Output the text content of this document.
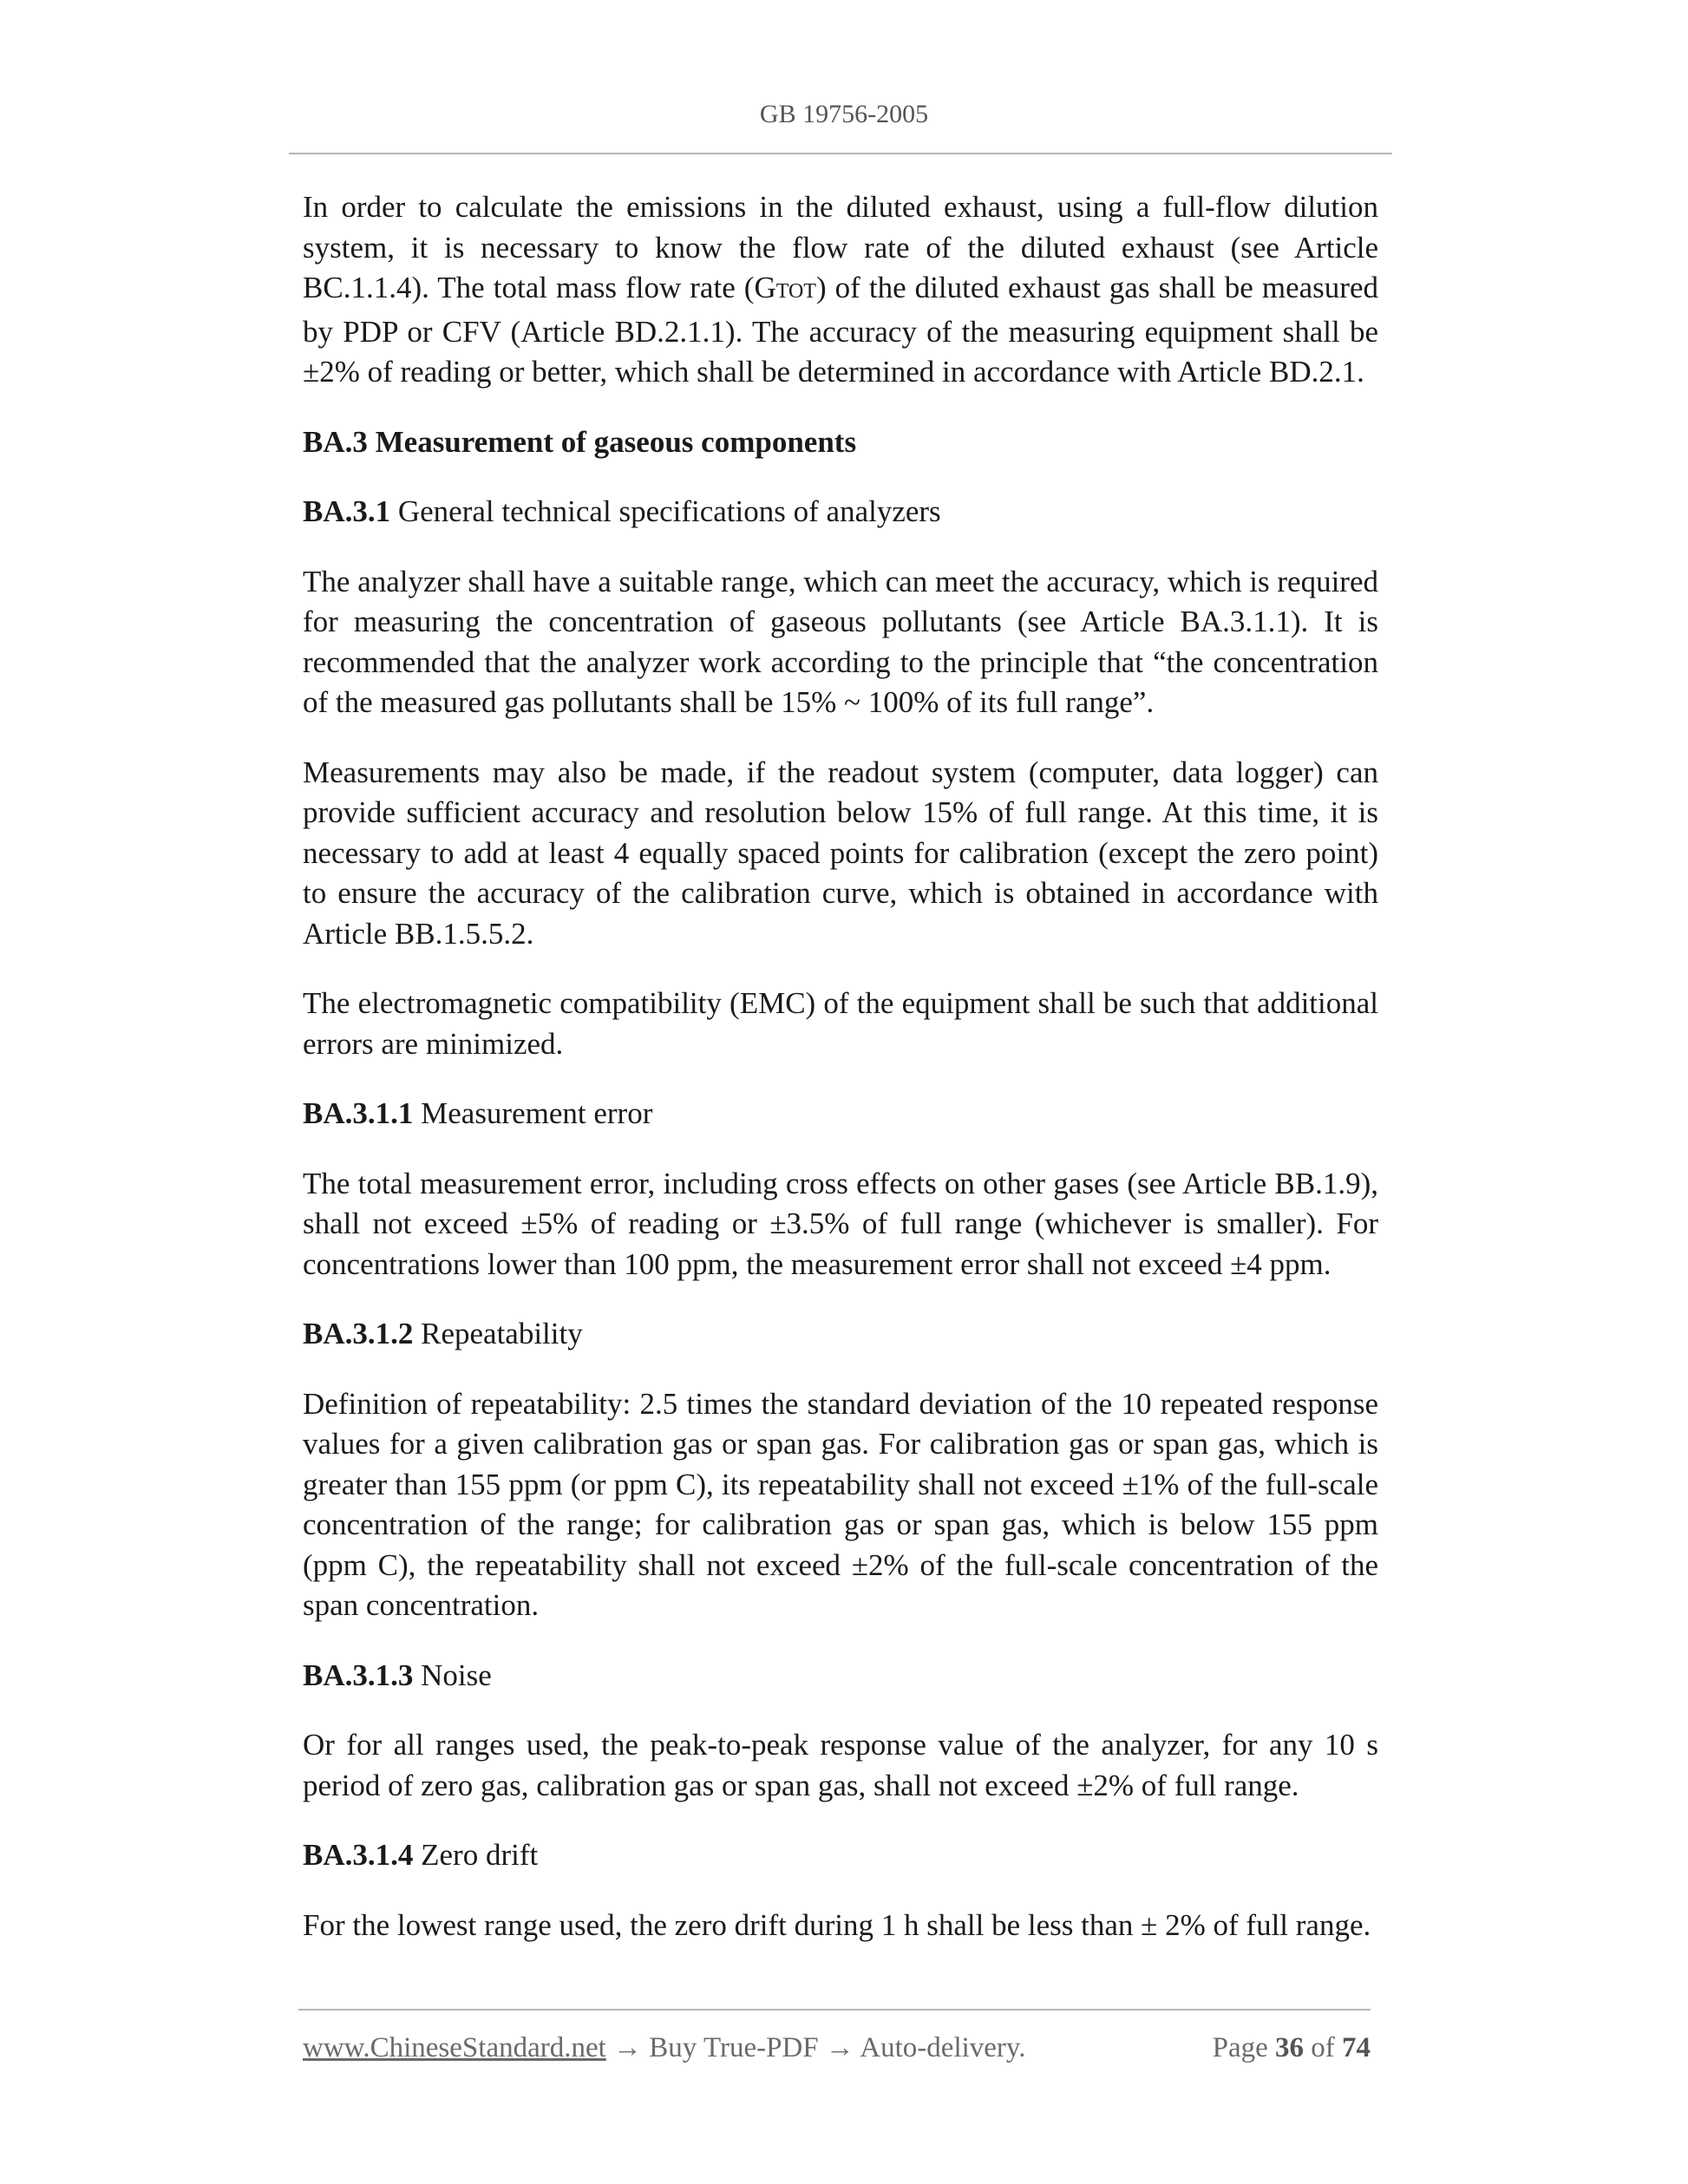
GB 19756-2005

In order to calculate the emissions in the diluted exhaust, using a full-flow dilution system, it is necessary to know the flow rate of the diluted exhaust (see Article BC.1.1.4). The total mass flow rate (GTOT) of the diluted exhaust gas shall be measured by PDP or CFV (Article BD.2.1.1). The accuracy of the measuring equipment shall be ±2% of reading or better, which shall be determined in accordance with Article BD.2.1.

BA.3 Measurement of gaseous components

BA.3.1 General technical specifications of analyzers

The analyzer shall have a suitable range, which can meet the accuracy, which is required for measuring the concentration of gaseous pollutants (see Article BA.3.1.1). It is recommended that the analyzer work according to the principle that “the concentration of the measured gas pollutants shall be 15% ~ 100% of its full range”.

Measurements may also be made, if the readout system (computer, data logger) can provide sufficient accuracy and resolution below 15% of full range. At this time, it is necessary to add at least 4 equally spaced points for calibration (except the zero point) to ensure the accuracy of the calibration curve, which is obtained in accordance with Article BB.1.5.5.2.

The electromagnetic compatibility (EMC) of the equipment shall be such that additional errors are minimized.

BA.3.1.1 Measurement error

The total measurement error, including cross effects on other gases (see Article BB.1.9), shall not exceed ±5% of reading or ±3.5% of full range (whichever is smaller). For concentrations lower than 100 ppm, the measurement error shall not exceed ±4 ppm.

BA.3.1.2 Repeatability

Definition of repeatability: 2.5 times the standard deviation of the 10 repeated response values for a given calibration gas or span gas. For calibration gas or span gas, which is greater than 155 ppm (or ppm C), its repeatability shall not exceed ±1% of the full-scale concentration of the range; for calibration gas or span gas, which is below 155 ppm (ppm C), the repeatability shall not exceed ±2% of the full-scale concentration of the span concentration.

BA.3.1.3 Noise

Or for all ranges used, the peak-to-peak response value of the analyzer, for any 10 s period of zero gas, calibration gas or span gas, shall not exceed ±2% of full range.

BA.3.1.4 Zero drift

For the lowest range used, the zero drift during 1 h shall be less than ± 2% of full range.

www.ChineseStandard.net → Buy True-PDF → Auto-delivery.	Page 36 of 74
